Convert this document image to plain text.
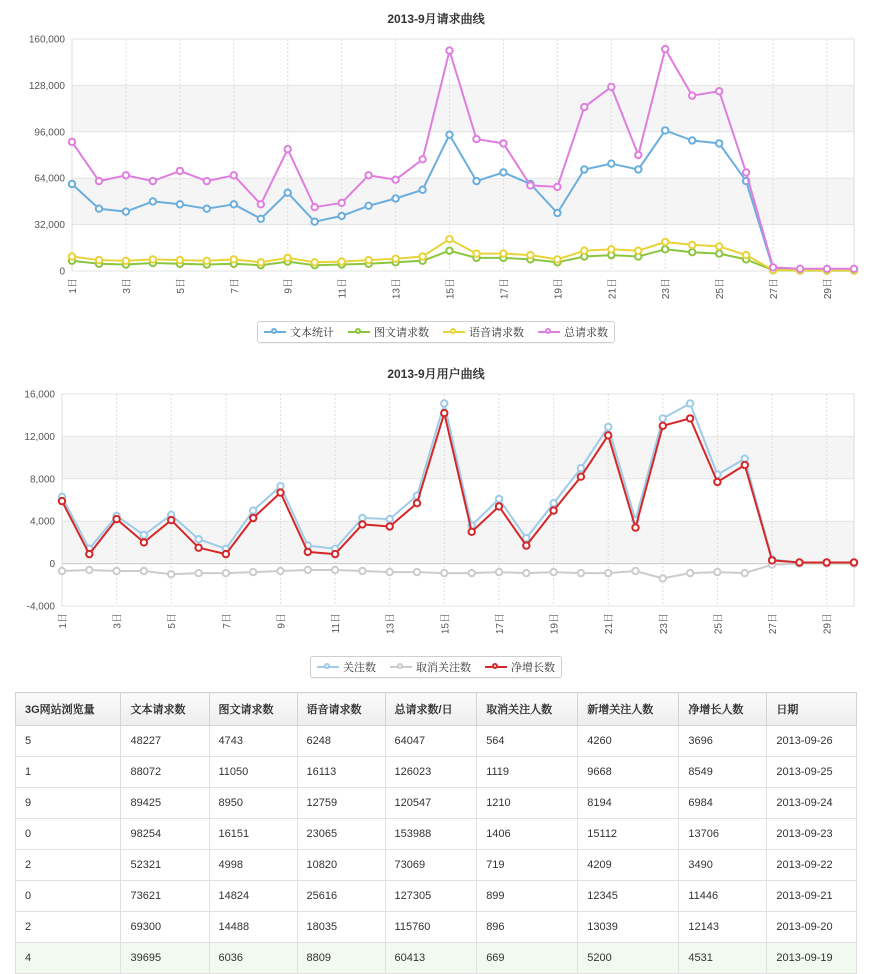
2013-9月请求曲线
0
32,000
64,000
96,000
128,000
160,000
1日	3日	5日	7日	9日	11日	13日	15日	17日	19日	21日	23日	25日	27日	29日
文本统计	图文请求数	语音请求数	总请求数
2013-9月用户曲线
-4,000
0
4,000
8,000
12,000
16,000
1日	3日	5日	7日	9日	11日	13日	15日	17日	19日	21日	23日	25日	27日	29日
关注数	取消关注数	净增长数
3G网站浏览量	文本请求数	图文请求数	语音请求数	总请求数/日	取消关注人数	新增关注人数	净增长人数	日期
5	48227	4743	6248	64047	564	4260	3696	2013-09-26
1	88072	11050	16113	126023	1119	9668	8549	2013-09-25
9	89425	8950	12759	120547	1210	8194	6984	2013-09-24
0	98254	16151	23065	153988	1406	15112	13706	2013-09-23
2	52321	4998	10820	73069	719	4209	3490	2013-09-22
0	73621	14824	25616	127305	899	12345	11446	2013-09-21
2	69300	14488	18035	115760	896	13039	12143	2013-09-20
4	39695	6036	8809	60413	669	5200	4531	2013-09-19
